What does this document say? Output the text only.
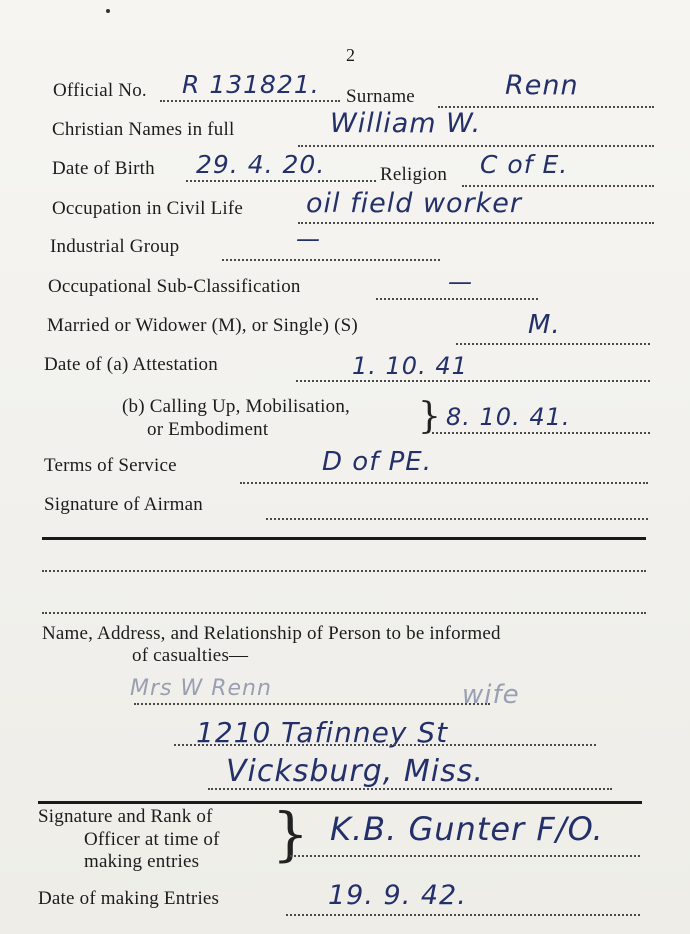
2
Official No. R 131821. Surname	Renn
Christian Names in full	William W.
Date of Birth 29. 4. 20.	Religion C of E.
Occupation in Civil Life oil field worker
Industrial Group	—
Occupational Sub-Classification	—
Married or Widower (M), or Single) (S)	M.
Date of (a) Attestation	1. 10. 41
(b) Calling Up, Mobilisation,
or Embodiment	} 8. 10. 41.
Terms of Service	D of PE.
Signature of Airman
Name, Address, and Relationship of Person to be informed
of casualties—
Mrs W Renn	wife
1210 Tafinney St
Vicksburg, Miss.
Signature and Rank of
Officer at time of
making entries } K.B. Gunter F/O.
Date of making Entries	19. 9. 42.
